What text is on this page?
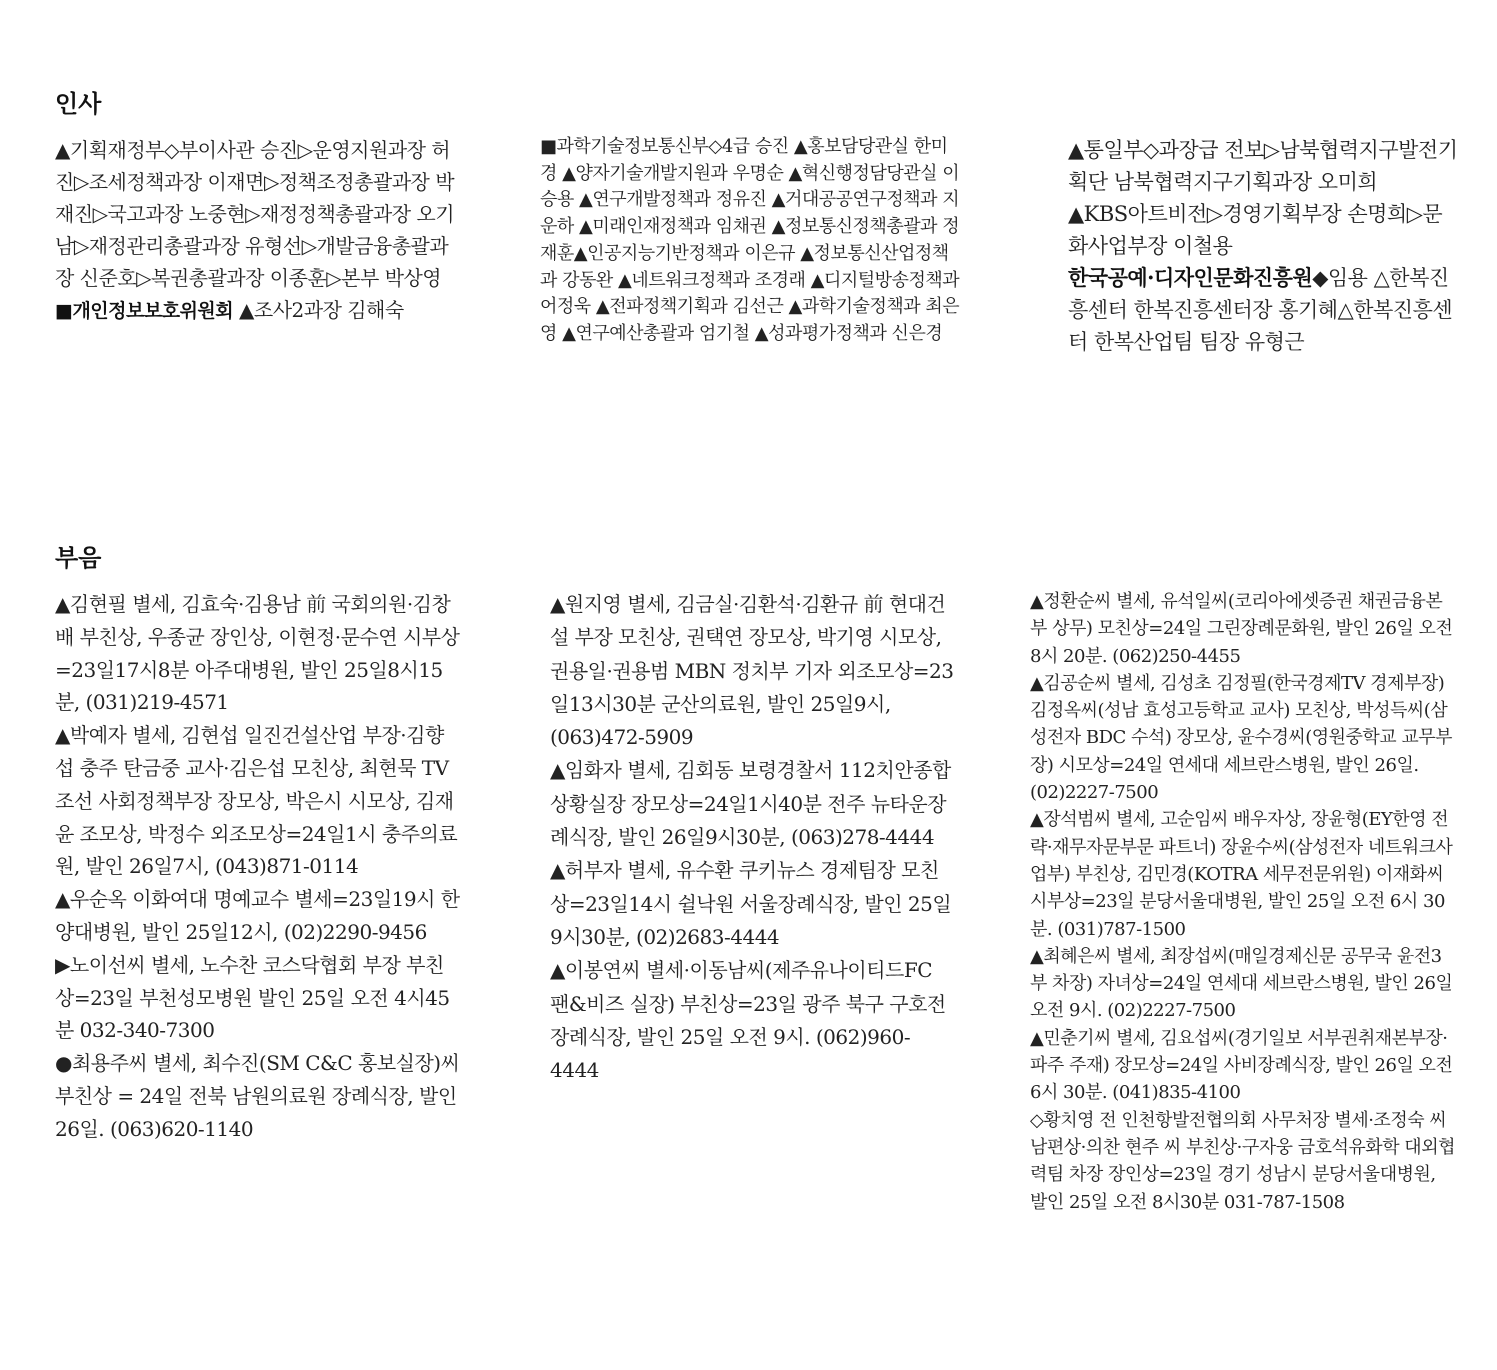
인사

▲기획재정부◇부이사관 승진▷운영지원과장 허진▷조세정책과장 이재면▷정책조정총괄과장 박재진▷국고과장 노중현▷재정정책총괄과장 오기남▷재정관리총괄과장 유형선▷개발금융총괄과장 신준호▷복권총괄과장 이종훈▷본부 박상영
■개인정보보호위원회 ▲조사2과장 김해숙

■과학기술정보통신부◇4급 승진 ▲홍보담당관실 한미경 ▲양자기술개발지원과 우명순 ▲혁신행정담당관실 이승용 ▲연구개발정책과 정유진 ▲거대공공연구정책과 지운하 ▲미래인재정책과 임채권 ▲정보통신정책총괄과 정재훈▲인공지능기반정책과 이은규 ▲정보통신산업정책과 강동완 ▲네트워크정책과 조경래 ▲디지털방송정책과 어정욱 ▲전파정책기획과 김선근 ▲과학기술정책과 최은영 ▲연구예산총괄과 엄기철 ▲성과평가정책과 신은경

▲통일부◇과장급 전보▷남북협력지구발전기획단 남북협력지구기획과장 오미희
▲KBS아트비전▷경영기획부장 손명희▷문화사업부장 이철용
한국공예·디자인문화진흥원◆임용 △한복진흥센터 한복진흥센터장 홍기혜△한복진흥센터 한복산업팀 팀장 유형근

부음

▲김현필 별세, 김효숙·김용남 前 국회의원·김창배 부친상, 우종균 장인상, 이현정·문수연 시부상=23일17시8분 아주대병원, 발인 25일8시15분, (031)219-4571
▲박예자 별세, 김현섭 일진건설산업 부장·김향섭 충주 탄금중 교사·김은섭 모친상, 최현묵 TV조선 사회정책부장 장모상, 박은시 시모상, 김재윤 조모상, 박정수 외조모상=24일1시 충주의료원, 발인 26일7시, (043)871-0114
▲우순옥 이화여대 명예교수 별세=23일19시 한양대병원, 발인 25일12시, (02)2290-9456
▶노이선씨 별세, 노수찬 코스닥협회 부장 부친상=23일 부천성모병원 발인 25일 오전 4시45분 032-340-7300
●최용주씨 별세, 최수진(SM C&C 홍보실장)씨 부친상 = 24일 전북 남원의료원 장례식장, 발인 26일. (063)620-1140

▲원지영 별세, 김금실·김환석·김환규 前 현대건설 부장 모친상, 권택연 장모상, 박기영 시모상, 권용일·권용범 MBN 정치부 기자 외조모상=23일13시30분 군산의료원, 발인 25일9시, (063)472-5909
▲임화자 별세, 김회동 보령경찰서 112치안종합상황실장 장모상=24일1시40분 전주 뉴타운장례식장, 발인 26일9시30분, (063)278-4444
▲허부자 별세, 유수환 쿠키뉴스 경제팀장 모친상=23일14시 쉴낙원 서울장례식장, 발인 25일9시30분, (02)2683-4444
▲이봉연씨 별세·이동남씨(제주유나이티드FC 팬&비즈 실장) 부친상=23일 광주 북구 구호전장례식장, 발인 25일 오전 9시. (062)960-4444

▲정환순씨 별세, 유석일씨(코리아에셋증권 채권금융본부 상무) 모친상=24일 그린장례문화원, 발인 26일 오전 8시 20분. (062)250-4455
▲김공순씨 별세, 김성초 김정필(한국경제TV 경제부장) 김정옥씨(성남 효성고등학교 교사) 모친상, 박성득씨(삼성전자 BDC 수석) 장모상, 윤수경씨(영원중학교 교무부장) 시모상=24일 연세대 세브란스병원, 발인 26일. (02)2227-7500
▲장석범씨 별세, 고순임씨 배우자상, 장윤형(EY한영 전략·재무자문부문 파트너) 장윤수씨(삼성전자 네트워크사업부) 부친상, 김민경(KOTRA 세무전문위원) 이재화씨 시부상=23일 분당서울대병원, 발인 25일 오전 6시 30분. (031)787-1500
▲최혜은씨 별세, 최장섭씨(매일경제신문 공무국 윤전3부 차장) 자녀상=24일 연세대 세브란스병원, 발인 26일 오전 9시. (02)2227-7500
▲민춘기씨 별세, 김요섭씨(경기일보 서부권취재본부장·파주 주재) 장모상=24일 사비장례식장, 발인 26일 오전 6시 30분. (041)835-4100
◇황치영 전 인천항발전협의회 사무처장 별세·조정숙 씨 남편상·의찬 현주 씨 부친상·구자웅 금호석유화학 대외협력팀 차장 장인상=23일 경기 성남시 분당서울대병원, 발인 25일 오전 8시30분 031-787-1508
